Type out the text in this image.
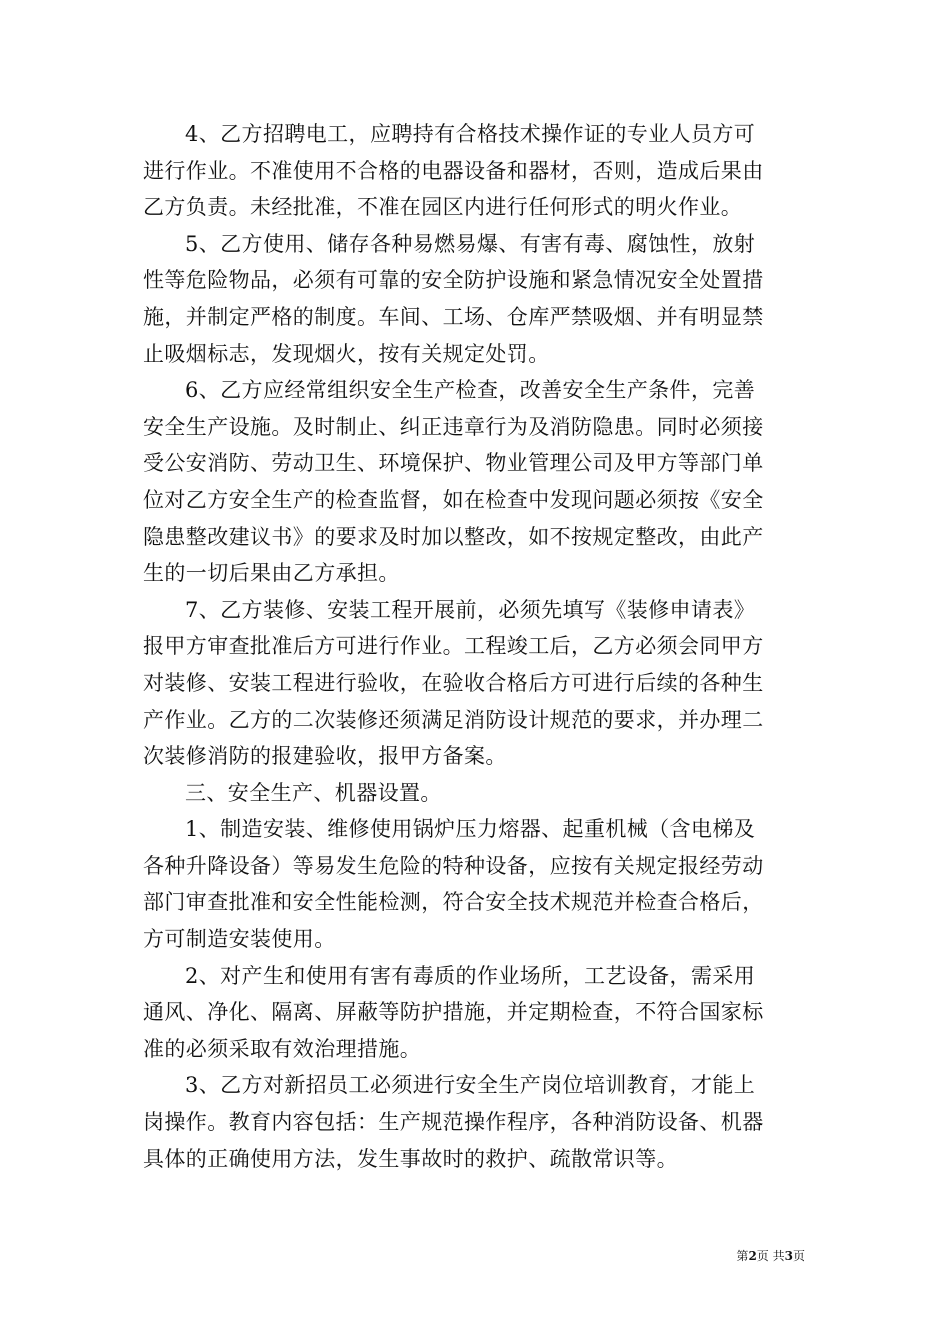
4、乙方招聘电工，应聘持有合格技术操作证的专业人员方可
进行作业。不准使用不合格的电器设备和器材，否则，造成后果由
乙方负责。未经批准，不准在园区内进行任何形式的明火作业。

5、乙方使用、储存各种易燃易爆、有害有毒、腐蚀性，放射
性等危险物品，必须有可靠的安全防护设施和紧急情况安全处置措
施，并制定严格的制度。车间、工场、仓库严禁吸烟、并有明显禁
止吸烟标志，发现烟火，按有关规定处罚。

6、乙方应经常组织安全生产检查，改善安全生产条件，完善
安全生产设施。及时制止、纠正违章行为及消防隐患。同时必须接
受公安消防、劳动卫生、环境保护、物业管理公司及甲方等部门单
位对乙方安全生产的检查监督，如在检查中发现问题必须按《安全
隐患整改建议书》的要求及时加以整改，如不按规定整改，由此产
生的一切后果由乙方承担。

7、乙方装修、安装工程开展前，必须先填写《装修申请表》
报甲方审查批准后方可进行作业。工程竣工后，乙方必须会同甲方
对装修、安装工程进行验收，在验收合格后方可进行后续的各种生
产作业。乙方的二次装修还须满足消防设计规范的要求，并办理二
次装修消防的报建验收，报甲方备案。

三、安全生产、机器设置。

1、制造安装、维修使用锅炉压力熔器、起重机械（含电梯及
各种升降设备）等易发生危险的特种设备，应按有关规定报经劳动
部门审查批准和安全性能检测，符合安全技术规范并检查合格后，
方可制造安装使用。

2、对产生和使用有害有毒质的作业场所，工艺设备，需采用
通风、净化、隔离、屏蔽等防护措施，并定期检查，不符合国家标
准的必须采取有效治理措施。

3、乙方对新招员工必须进行安全生产岗位培训教育，才能上
岗操作。教育内容包括：生产规范操作程序，各种消防设备、机器
具体的正确使用方法，发生事故时的救护、疏散常识等。

第2页 共3页
